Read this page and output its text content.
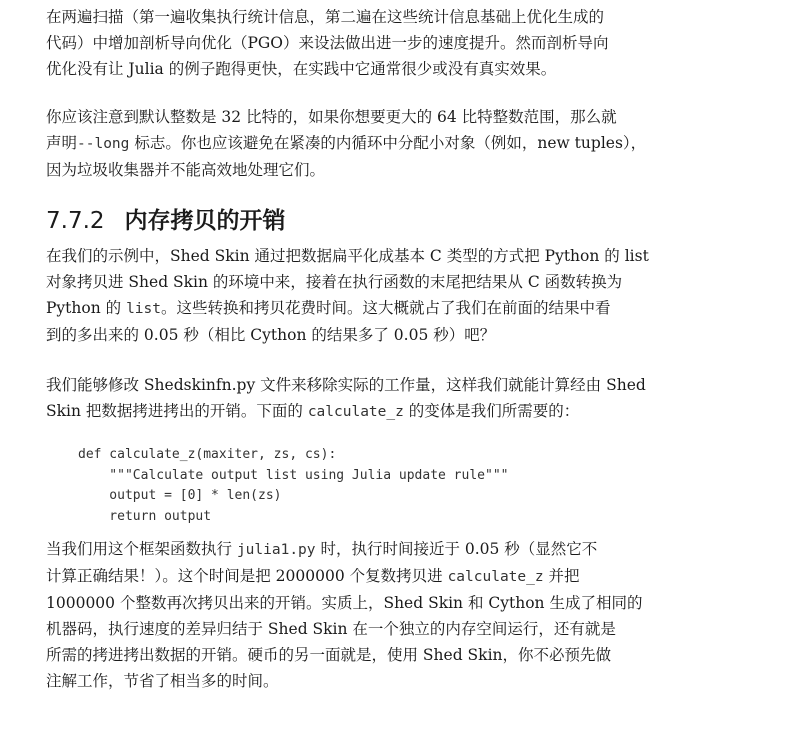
在两遍扫描（第一遍收集执行统计信息，第二遍在这些统计信息基础上优化生成的
代码）中增加剖析导向优化（PGO）来设法做出进一步的速度提升。然而剖析导向
优化没有让 Julia 的例子跑得更快，在实践中它通常很少或没有真实效果。

你应该注意到默认整数是 32 比特的，如果你想要更大的 64 比特整数范围，那么就
声明--long 标志。你也应该避免在紧凑的内循环中分配小对象（例如，new tuples），
因为垃圾收集器并不能高效地处理它们。

7.7.2 内存拷贝的开销

在我们的示例中，Shed Skin 通过把数据扁平化成基本 C 类型的方式把 Python 的 list
对象拷贝进 Shed Skin 的环境中来，接着在执行函数的末尾把结果从 C 函数转换为
Python 的 list。这些转换和拷贝花费时间。这大概就占了我们在前面的结果中看
到的多出来的 0.05 秒（相比 Cython 的结果多了 0.05 秒）吧？

我们能够修改 Shedskinfn.py 文件来移除实际的工作量，这样我们就能计算经由 Shed
Skin 把数据拷进拷出的开销。下面的 calculate_z 的变体是我们所需要的：

def calculate_z(maxiter, zs, cs):
"""Calculate output list using Julia update rule"""
output = [0] * len(zs)
return output

当我们用这个框架函数执行 julia1.py 时，执行时间接近于 0.05 秒（显然它不
计算正确结果！）。这个时间是把 2000000 个复数拷贝进 calculate_z 并把
1000000 个整数再次拷贝出来的开销。实质上，Shed Skin 和 Cython 生成了相同的
机器码，执行速度的差异归结于 Shed Skin 在一个独立的内存空间运行，还有就是
所需的拷进拷出数据的开销。硬币的另一面就是，使用 Shed Skin，你不必预先做
注解工作，节省了相当多的时间。
